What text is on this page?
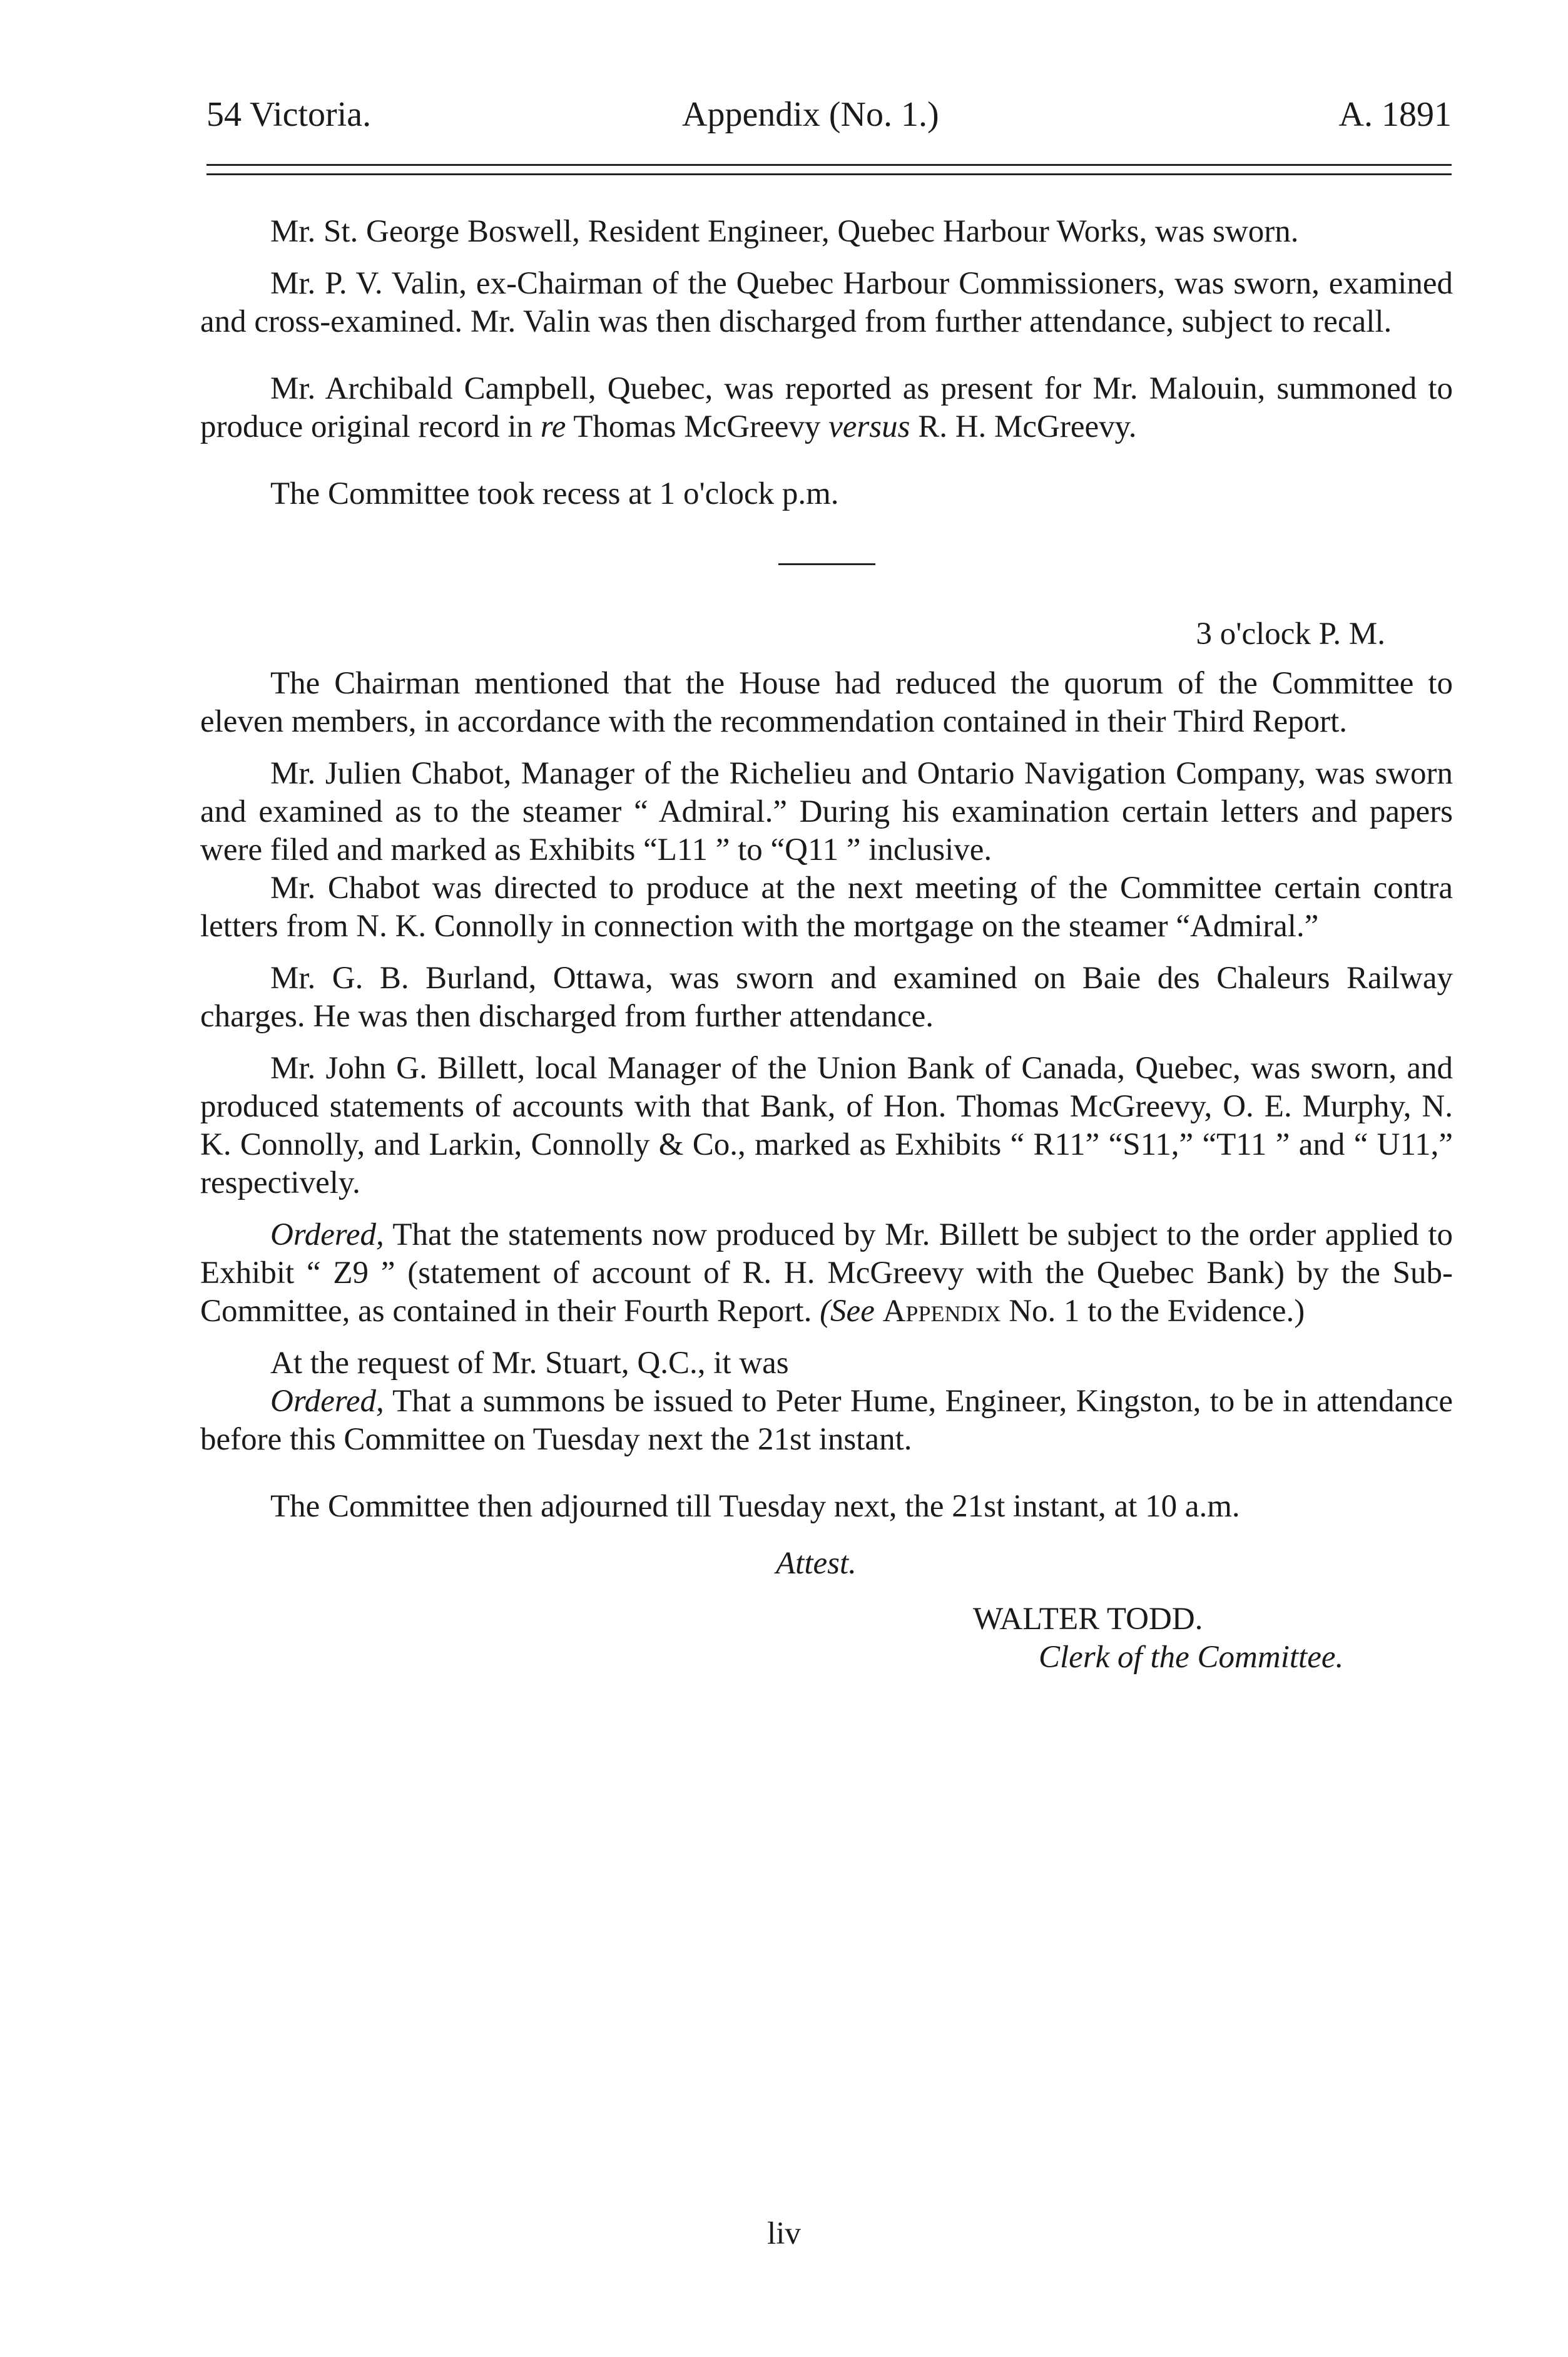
54 Victoria.	Appendix (No. 1.)	A. 1891

Mr. St. George Boswell, Resident Engineer, Quebec Harbour Works, was sworn.

Mr. P. V. Valin, ex-Chairman of the Quebec Harbour Commissioners, was sworn, examined and cross-examined. Mr. Valin was then discharged from further attendance, subject to recall.

Mr. Archibald Campbell, Quebec, was reported as present for Mr. Malouin, summoned to produce original record in re Thomas McGreevy versus R. H. McGreevy.

The Committee took recess at 1 o'clock p.m.

3 o'clock P. M.

The Chairman mentioned that the House had reduced the quorum of the Committee to eleven members, in accordance with the recommendation contained in their Third Report.

Mr. Julien Chabot, Manager of the Richelieu and Ontario Navigation Company, was sworn and examined as to the steamer “ Admiral.” During his examination certain letters and papers were filed and marked as Exhibits “L11 ” to “Q11 ” inclusive.

Mr. Chabot was directed to produce at the next meeting of the Committee certain contra letters from N. K. Connolly in connection with the mortgage on the steamer “Admiral.”

Mr. G. B. Burland, Ottawa, was sworn and examined on Baie des Chaleurs Railway charges. He was then discharged from further attendance.

Mr. John G. Billett, local Manager of the Union Bank of Canada, Quebec, was sworn, and produced statements of accounts with that Bank, of Hon. Thomas McGreevy, O. E. Murphy, N. K. Connolly, and Larkin, Connolly & Co., marked as Exhibits “ R11” “S11,” “T11 ” and “ U11,” respectively.

Ordered, That the statements now produced by Mr. Billett be subject to the order applied to Exhibit “ Z9 ” (statement of account of R. H. McGreevy with the Quebec Bank) by the Sub-Committee, as contained in their Fourth Report. (See Appendix No. 1 to the Evidence.)

At the request of Mr. Stuart, Q.C., it was

Ordered, That a summons be issued to Peter Hume, Engineer, Kingston, to be in attendance before this Committee on Tuesday next the 21st instant.

The Committee then adjourned till Tuesday next, the 21st instant, at 10 a.m.

Attest.

WALTER TODD.

Clerk of the Committee.

liv
